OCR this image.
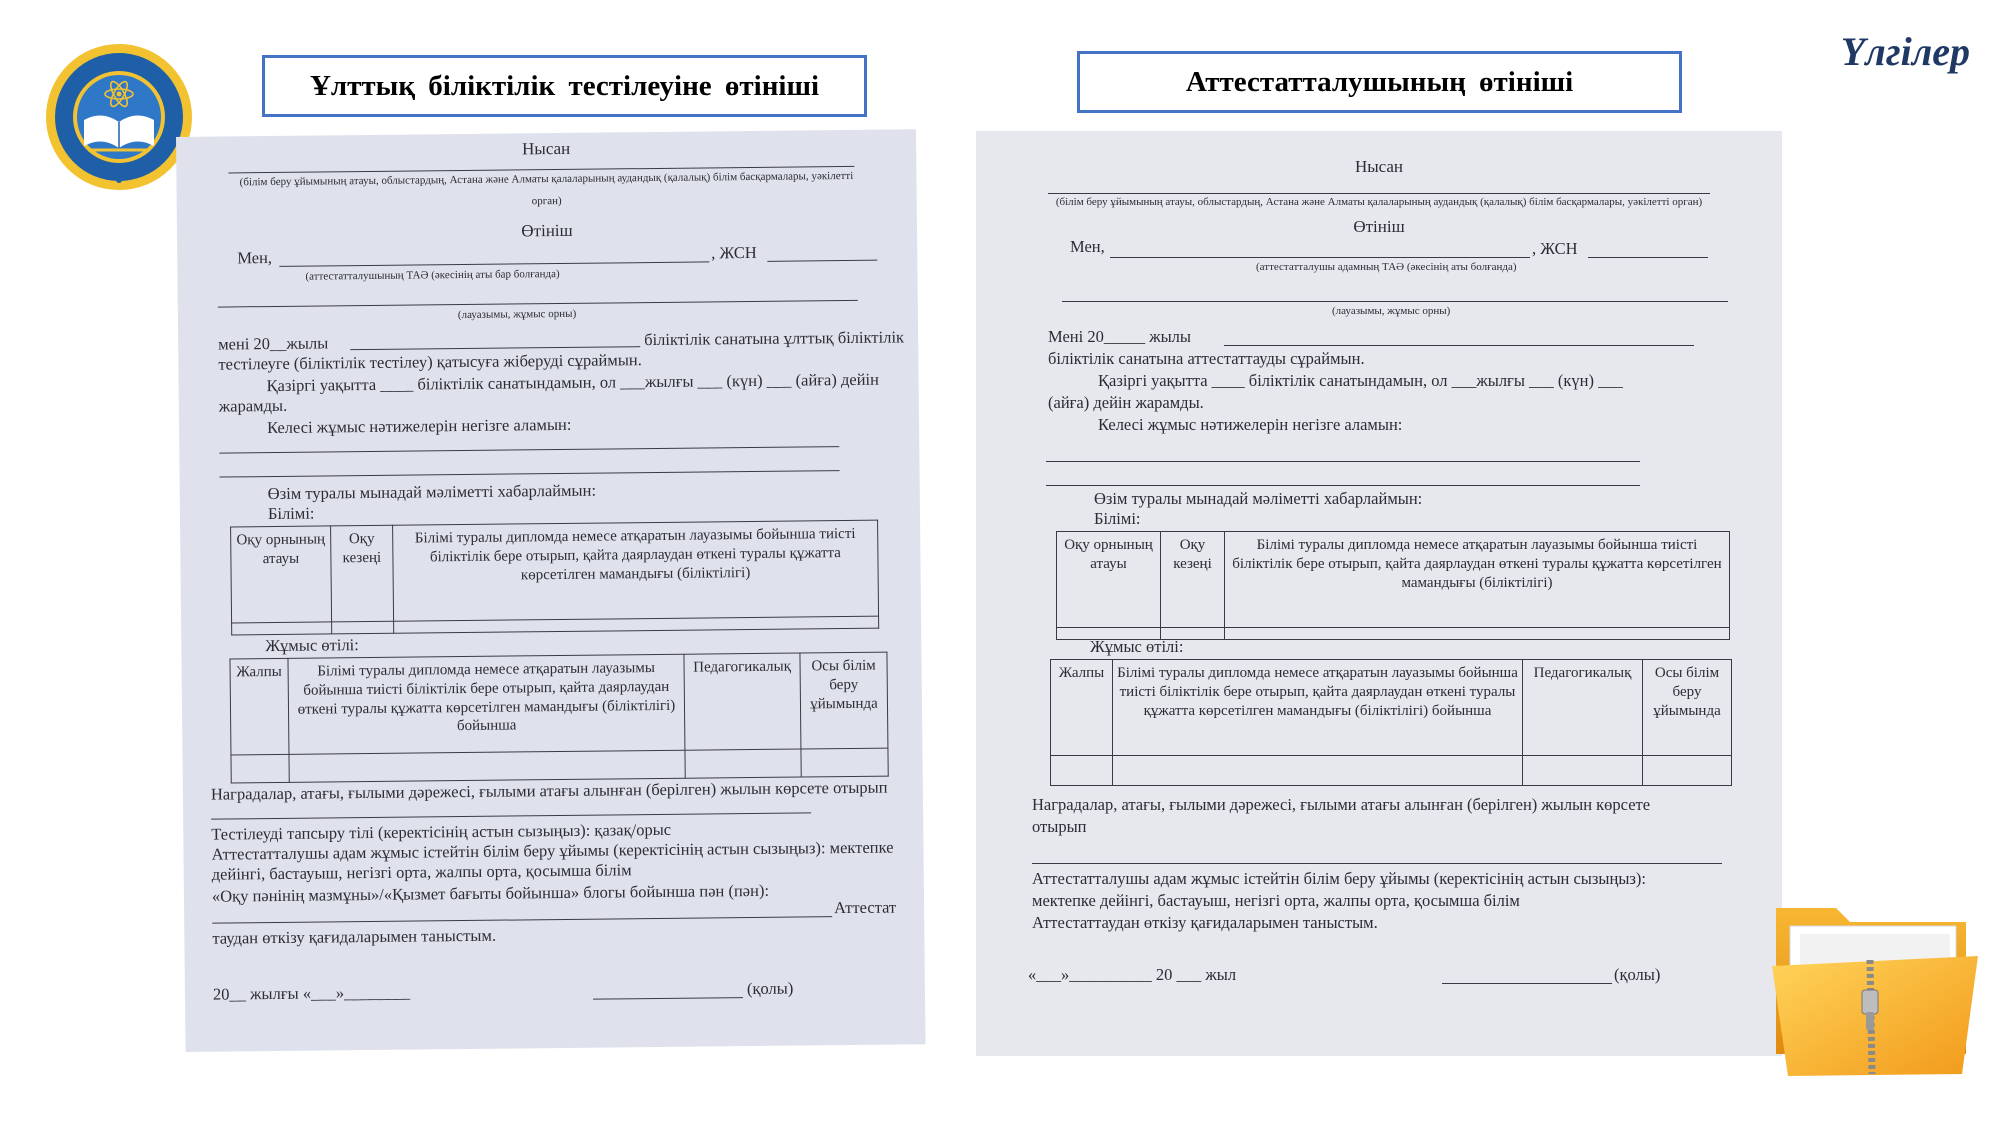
Үлгілер
Ұлттық біліктілік тестілеуіне өтініші	Аттестатталушының өтініші
Нысан
(білім беру ұйымының атауы, облыстардың, Астана және Алматы қалаларының аудандық (қалалық) білім басқармалары, уәкілетті
орган)
Өтініш
Мен,	, ЖСН
(аттестатталушының ТАӘ (әкесінің аты бар болғанда)
(лауазымы, жұмыс орны)
мені 20__жылы	біліктілік санатына ұлттық біліктілік
тестілеуге (біліктілік тестілеу) қатысуға жіберуді сұраймын.
Қазіргі уақытта ____ біліктілік санатындамын, ол ___жылғы ___ (күн) ___ (айға) дейін
жарамды.
Келесі жұмыс нәтижелерін негізге аламын:
Өзім туралы мынадай мәліметті хабарлаймын:
Білімі:
Оқу орнының атауы	Оқу кезеңі	Білімі туралы дипломда немесе атқаратын лауазымы бойынша тиісті біліктілік бере отырып, қайта даярлаудан өткені туралы құжатта көрсетілген мамандығы (біліктілігі)

Жұмыс өтілі:
Жалпы	Білімі туралы дипломда немесе атқаратын лауазымы бойынша тиісті біліктілік бере отырып, қайта даярлаудан өткені туралы құжатта көрсетілген мамандығы (біліктілігі) бойынша	Педагогикалық	Осы білім беру ұйымында

Наградалар, атағы, ғылыми дәрежесі, ғылыми атағы алынған (берілген) жылын көрсете отырып
Тестілеуді тапсыру тілі (керектісінің астын сызыңыз): қазақ/орыс
Аттестатталушы адам жұмыс істейтін білім беру ұйымы (керектісінің астын сызыңыз): мектепке
дейінгі, бастауыш, негізгі орта, жалпы орта, қосымша білім
«Оқу пәнінің мазмұны»/«Қызмет бағыты бойынша» блогы бойынша пән (пән):
Аттестат
таудан өткізу қағидаларымен таныстым.
20__ жылғы «___»________	(қолы)
Нысан
(білім беру ұйымының атауы, облыстардың, Астана және Алматы қалаларының аудандық (қалалық) білім басқармалары, уәкілетті орган)
Өтініш
Мен,	, ЖСН
(аттестатталушы адамның ТАӘ (әкесінің аты болғанда)
(лауазымы, жұмыс орны)
Мені 20_____ жылы
біліктілік санатына аттестаттауды сұраймын.
Қазіргі уақытта ____ біліктілік санатындамын, ол ___жылғы ___ (күн) ___
(айға) дейін жарамды.
Келесі жұмыс нәтижелерін негізге аламын:
Өзім туралы мынадай мәліметті хабарлаймын:
Білімі:
Оқу орнының атауы	Оқу кезеңі	Білімі туралы дипломда немесе атқаратын лауазымы бойынша тиісті біліктілік бере отырып, қайта даярлаудан өткені туралы құжатта көрсетілген мамандығы (біліктілігі)

Жұмыс өтілі:
Жалпы	Білімі туралы дипломда немесе атқаратын лауазымы бойынша тиісті біліктілік бере отырып, қайта даярлаудан өткені туралы құжатта көрсетілген мамандығы (біліктілігі) бойынша	Педагогикалық	Осы білім беру ұйымында

Наградалар, атағы, ғылыми дәрежесі, ғылыми атағы алынған (берілген) жылын көрсете
отырып
Аттестатталушы адам жұмыс істейтін білім беру ұйымы (керектісінің астын сызыңыз):
мектепке дейінгі, бастауыш, негізгі орта, жалпы орта, қосымша білім
Аттестаттаудан өткізу қағидаларымен таныстым.
«___»__________ 20 ___ жыл	(қолы)
